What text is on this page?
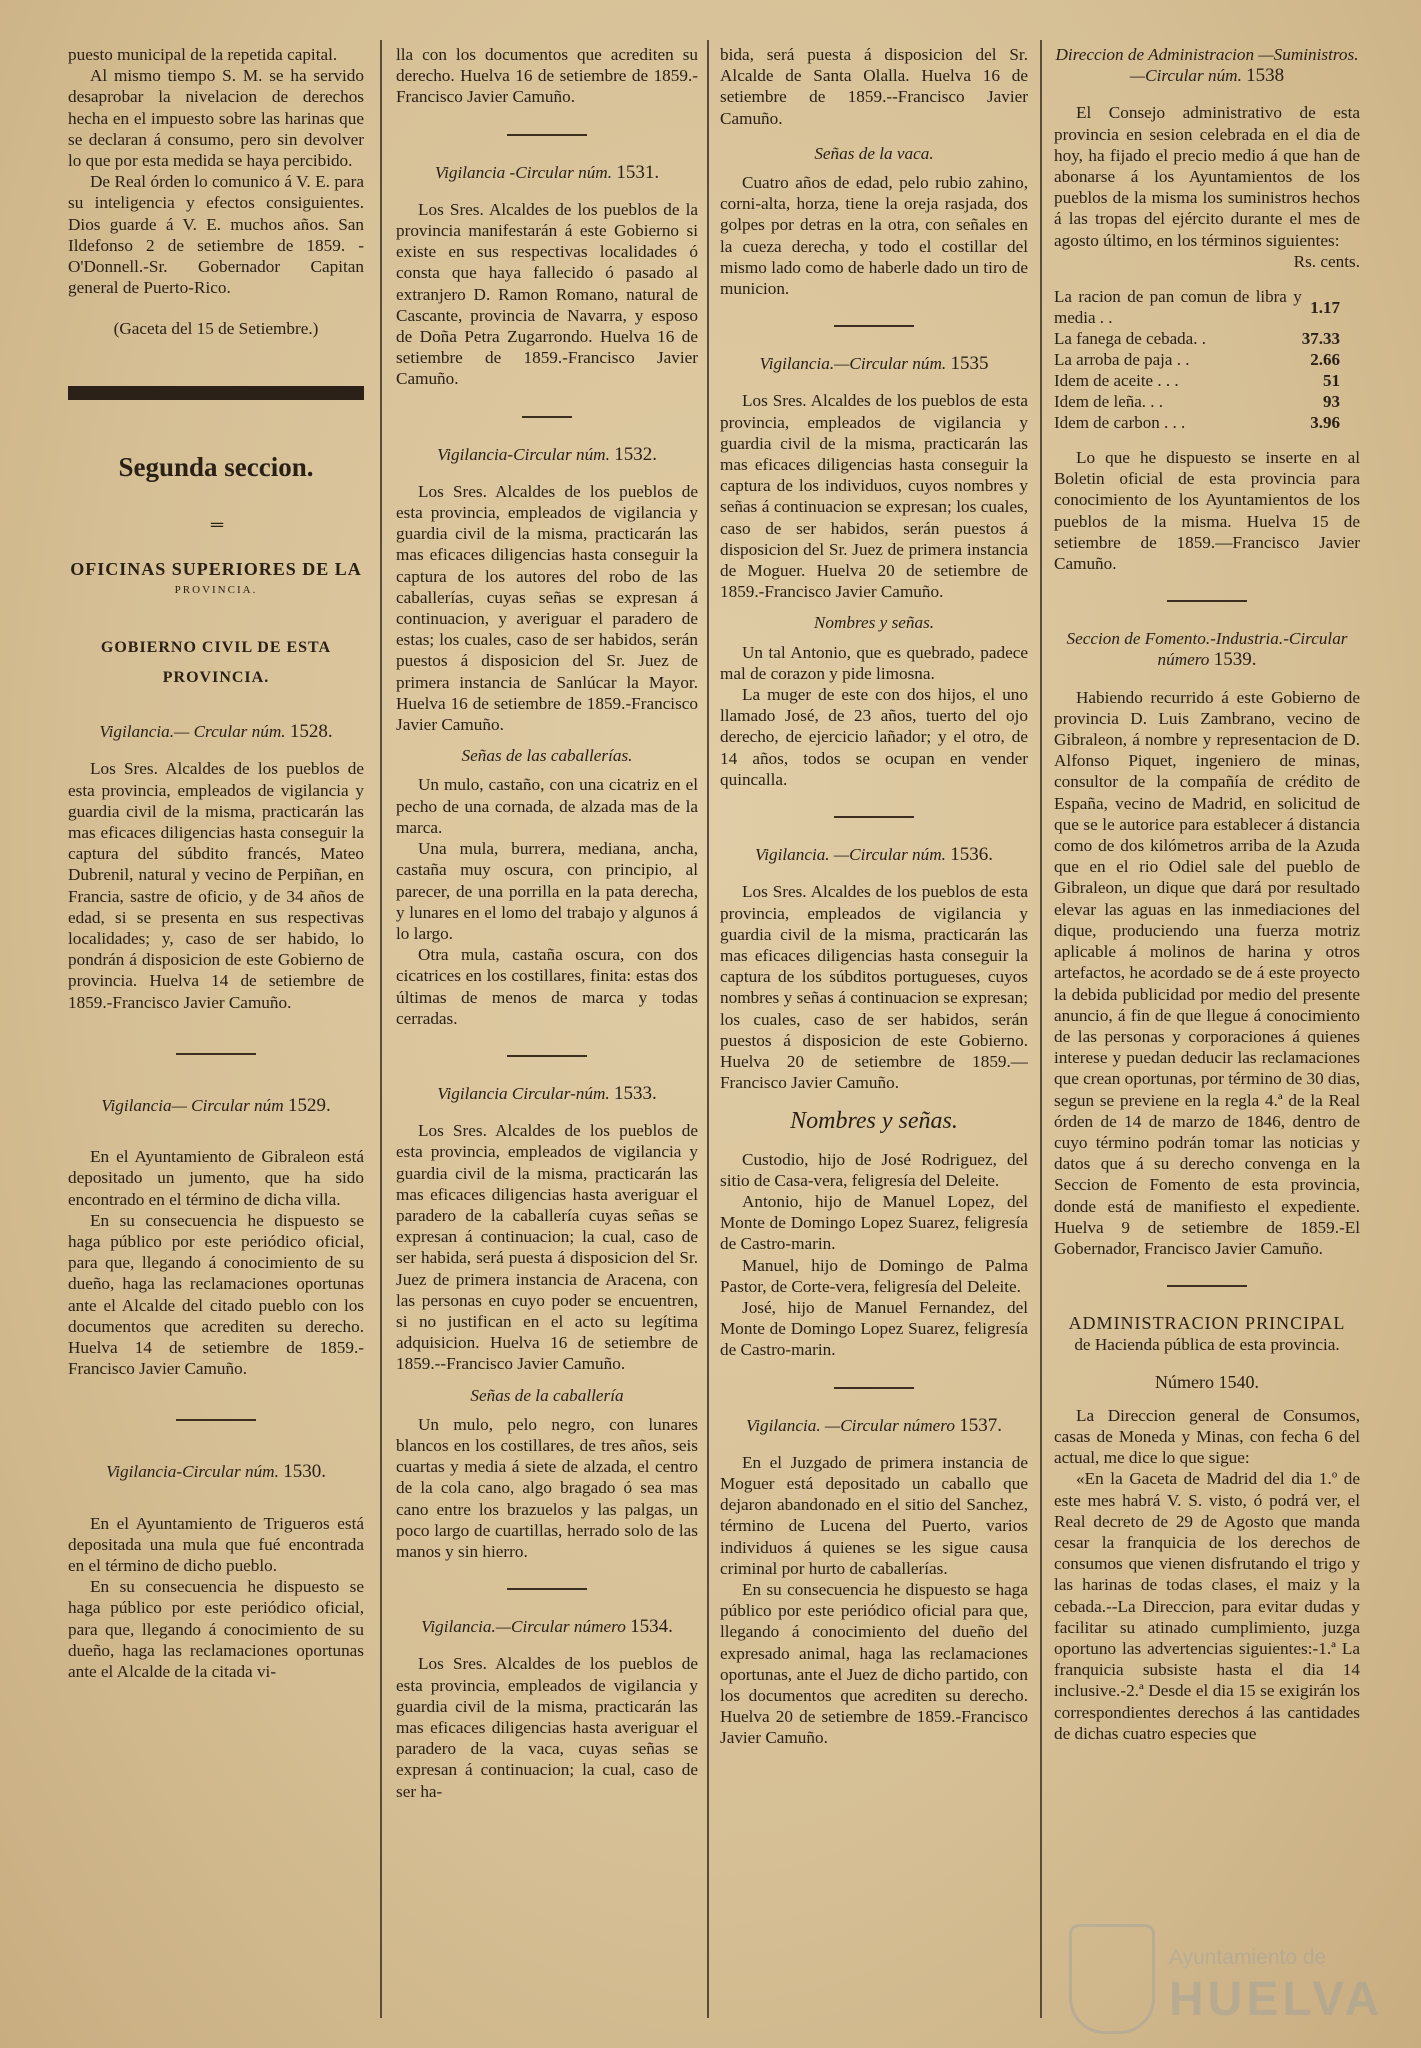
puesto municipal de la repetida capital.

Al mismo tiempo S. M. se ha servido desaprobar la nivelacion de derechos hecha en el impuesto sobre las harinas que se declaran á consumo, pero sin devolver lo que por esta medida se haya percibido.

De Real órden lo comunico á V. E. para su inteligencia y efectos consiguientes. Dios guarde á V. E. muchos años. San Ildefonso 2 de setiembre de 1859. -O'Donnell.-Sr. Gobernador Capitan general de Puerto-Rico.

(Gaceta del 15 de Setiembre.)

Segunda seccion.
═
OFICINAS SUPERIORES DE LA
PROVINCIA.
GOBIERNO CIVIL DE ESTA PROVINCIA.
Vigilancia.— Crcular núm. 1528.

Los Sres. Alcaldes de los pueblos de esta provincia, empleados de vigilancia y guardia civil de la misma, practicarán las mas eficaces diligencias hasta conseguir la captura del súbdito francés, Mateo Dubrenil, natural y vecino de Perpiñan, en Francia, sastre de oficio, y de 34 años de edad, si se presenta en sus respectivas localidades; y, caso de ser habido, lo pondrán á disposicion de este Gobierno de provincia. Huelva 14 de setiembre de 1859.-Francisco Javier Camuño.

Vigilancia— Circular núm 1529.

En el Ayuntamiento de Gibraleon está depositado un jumento, que ha sido encontrado en el término de dicha villa.

En su consecuencia he dispuesto se haga público por este periódico oficial, para que, llegando á conocimiento de su dueño, haga las reclamaciones oportunas ante el Alcalde del citado pueblo con los documentos que acrediten su derecho. Huelva 14 de setiembre de 1859.-Francisco Javier Camuño.

Vigilancia-Circular núm. 1530.

En el Ayuntamiento de Trigueros está depositada una mula que fué encontrada en el término de dicho pueblo.

En su consecuencia he dispuesto se haga público por este periódico oficial, para que, llegando á conocimiento de su dueño, haga las reclamaciones oportunas ante el Alcalde de la citada vi-

lla con los documentos que acrediten su derecho. Huelva 16 de setiembre de 1859.-Francisco Javier Camuño.

Vigilancia -Circular núm. 1531.

Los Sres. Alcaldes de los pueblos de la provincia manifestarán á este Gobierno si existe en sus respectivas localidades ó consta que haya fallecido ó pasado al extranjero D. Ramon Romano, natural de Cascante, provincia de Navarra, y esposo de Doña Petra Zugarrondo. Huelva 16 de setiembre de 1859.-Francisco Javier Camuño.

Vigilancia-Circular núm. 1532.

Los Sres. Alcaldes de los pueblos de esta provincia, empleados de vigilancia y guardia civil de la misma, practicarán las mas eficaces diligencias hasta conseguir la captura de los autores del robo de las caballerías, cuyas señas se expresan á continuacion, y averiguar el paradero de estas; los cuales, caso de ser habidos, serán puestos á disposicion del Sr. Juez de primera instancia de Sanlúcar la Mayor. Huelva 16 de setiembre de 1859.-Francisco Javier Camuño.

Señas de las caballerías.

Un mulo, castaño, con una cicatriz en el pecho de una cornada, de alzada mas de la marca.

Una mula, burrera, mediana, ancha, castaña muy oscura, con principio, al parecer, de una porrilla en la pata derecha, y lunares en el lomo del trabajo y algunos á lo largo.

Otra mula, castaña oscura, con dos cicatrices en los costillares, finita: estas dos últimas de menos de marca y todas cerradas.

Vigilancia Circular-núm. 1533.

Los Sres. Alcaldes de los pueblos de esta provincia, empleados de vigilancia y guardia civil de la misma, practicarán las mas eficaces diligencias hasta averiguar el paradero de la caballería cuyas señas se expresan á continuacion; la cual, caso de ser habida, será puesta á disposicion del Sr. Juez de primera instancia de Aracena, con las personas en cuyo poder se encuentren, si no justifican en el acto su legítima adquisicion. Huelva 16 de setiembre de 1859.--Francisco Javier Camuño.

Señas de la caballería

Un mulo, pelo negro, con lunares blancos en los costillares, de tres años, seis cuartas y media á siete de alzada, el centro de la cola cano, algo bragado ó sea mas cano entre los brazuelos y las palgas, un poco largo de cuartillas, herrado solo de las manos y sin hierro.

Vigilancia.—Circular número 1534.

Los Sres. Alcaldes de los pueblos de esta provincia, empleados de vigilancia y guardia civil de la misma, practicarán las mas eficaces diligencias hasta averiguar el paradero de la vaca, cuyas señas se expresan á continuacion; la cual, caso de ser ha-

bida, será puesta á disposicion del Sr. Alcalde de Santa Olalla. Huelva 16 de setiembre de 1859.--Francisco Javier Camuño.

Señas de la vaca.

Cuatro años de edad, pelo rubio zahino, corni-alta, horza, tiene la oreja rasjada, dos golpes por detras en la otra, con señales en la cueza derecha, y todo el costillar del mismo lado como de haberle dado un tiro de municion.

Vigilancia.—Circular núm. 1535

Los Sres. Alcaldes de los pueblos de esta provincia, empleados de vigilancia y guardia civil de la misma, practicarán las mas eficaces diligencias hasta conseguir la captura de los individuos, cuyos nombres y señas á continuacion se expresan; los cuales, caso de ser habidos, serán puestos á disposicion del Sr. Juez de primera instancia de Moguer. Huelva 20 de setiembre de 1859.-Francisco Javier Camuño.

Nombres y señas.

Un tal Antonio, que es quebrado, padece mal de corazon y pide limosna.

La muger de este con dos hijos, el uno llamado José, de 23 años, tuerto del ojo derecho, de ejercicio lañador; y el otro, de 14 años, todos se ocupan en vender quincalla.

Vigilancia. —Circular núm. 1536.

Los Sres. Alcaldes de los pueblos de esta provincia, empleados de vigilancia y guardia civil de la misma, practicarán las mas eficaces diligencias hasta conseguir la captura de los súbditos portugueses, cuyos nombres y señas á continuacion se expresan; los cuales, caso de ser habidos, serán puestos á disposicion de este Gobierno. Huelva 20 de setiembre de 1859.—Francisco Javier Camuño.

Nombres y señas.

Custodio, hijo de José Rodriguez, del sitio de Casa-vera, feligresía del Deleite.

Antonio, hijo de Manuel Lopez, del Monte de Domingo Lopez Suarez, feligresía de Castro-marin.

Manuel, hijo de Domingo de Palma Pastor, de Corte-vera, feligresía del Deleite.

José, hijo de Manuel Fernandez, del Monte de Domingo Lopez Suarez, feligresía de Castro-marin.

Vigilancia. —Circular número 1537.

En el Juzgado de primera instancia de Moguer está depositado un caballo que dejaron abandonado en el sitio del Sanchez, término de Lucena del Puerto, varios individuos á quienes se les sigue causa criminal por hurto de caballerías.

En su consecuencia he dispuesto se haga público por este periódico oficial para que, llegando á conocimiento del dueño del expresado animal, haga las reclamaciones oportunas, ante el Juez de dicho partido, con los documentos que acrediten su derecho. Huelva 20 de setiembre de 1859.-Francisco Javier Camuño.

Direccion de Administracion —Suministros.—Circular núm. 1538

El Consejo administrativo de esta provincia en sesion celebrada en el dia de hoy, ha fijado el precio medio á que han de abonarse á los Ayuntamientos de los pueblos de la misma los suministros hechos á las tropas del ejército durante el mes de agosto último, en los términos siguientes:

Rs. cents.

La racion de pan comun de libra y media . .	1.17
La fanega de cebada. .	37.33
La arroba de paja . .	2.66
Idem de aceite . . .	51
Idem de leña. . .	93
Idem de carbon . . .	3.96

Lo que he dispuesto se inserte en al Boletin oficial de esta provincia para conocimiento de los Ayuntamientos de los pueblos de la misma. Huelva 15 de setiembre de 1859.—Francisco Javier Camuño.

Seccion de Fomento.-Industria.-Circular número 1539.

Habiendo recurrido á este Gobierno de provincia D. Luis Zambrano, vecino de Gibraleon, á nombre y representacion de D. Alfonso Piquet, ingeniero de minas, consultor de la compañía de crédito de España, vecino de Madrid, en solicitud de que se le autorice para establecer á distancia como de dos kilómetros arriba de la Azuda que en el rio Odiel sale del pueblo de Gibraleon, un dique que dará por resultado elevar las aguas en las inmediaciones del dique, produciendo una fuerza motriz aplicable á molinos de harina y otros artefactos, he acordado se de á este proyecto la debida publicidad por medio del presente anuncio, á fin de que llegue á conocimiento de las personas y corporaciones á quienes interese y puedan deducir las reclamaciones que crean oportunas, por término de 30 dias, segun se previene en la regla 4.ª de la Real órden de 14 de marzo de 1846, dentro de cuyo término podrán tomar las noticias y datos que á su derecho convenga en la Seccion de Fomento de esta provincia, donde está de manifiesto el expediente. Huelva 9 de setiembre de 1859.-El Gobernador, Francisco Javier Camuño.

ADMINISTRACION PRINCIPAL

de Hacienda pública de esta provincia.

Número 1540.

La Direccion general de Consumos, casas de Moneda y Minas, con fecha 6 del actual, me dice lo que sigue:

«En la Gaceta de Madrid del dia 1.º de este mes habrá V. S. visto, ó podrá ver, el Real decreto de 29 de Agosto que manda cesar la franquicia de los derechos de consumos que vienen disfrutando el trigo y las harinas de todas clases, el maiz y la cebada.--La Direccion, para evitar dudas y facilitar su atinado cumplimiento, juzga oportuno las advertencias siguientes:-1.ª La franquicia subsiste hasta el dia 14 inclusive.-2.ª Desde el dia 15 se exigirán los correspondientes derechos á las cantidades de dichas cuatro especies que

Ayuntamiento de
HUELVA
